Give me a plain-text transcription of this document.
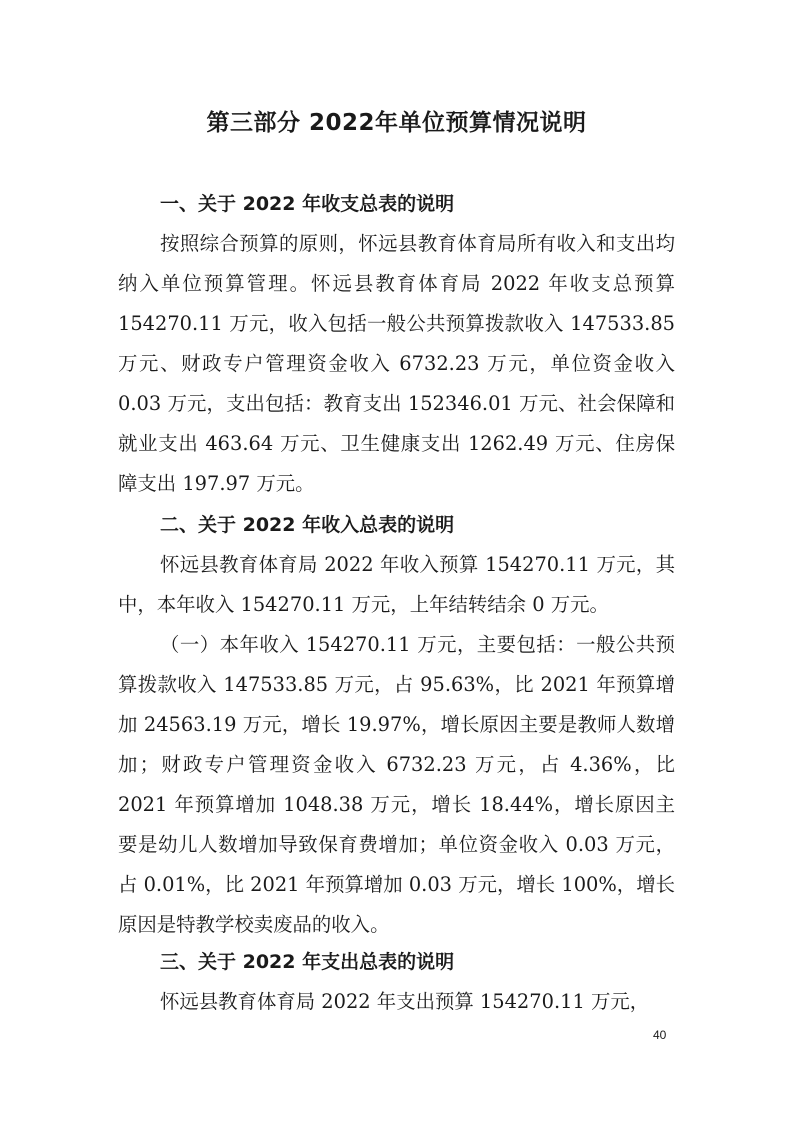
第三部分 2022年单位预算情况说明
一、关于 2022 年收支总表的说明

按照综合预算的原则，怀远县教育体育局所有收入和支出均纳入单位预算管理。怀远县教育体育局 2022 年收支总预算 154270.11 万元，收入包括一般公共预算拨款收入 147533.85 万元、财政专户管理资金收入 6732.23 万元，单位资金收入 0.03 万元，支出包括：教育支出 152346.01 万元、社会保障和就业支出 463.64 万元、卫生健康支出 1262.49 万元、住房保障支出 197.97 万元。

二、关于 2022 年收入总表的说明

怀远县教育体育局 2022 年收入预算 154270.11 万元，其中，本年收入 154270.11 万元，上年结转结余 0 万元。

（一）本年收入 154270.11 万元，主要包括：一般公共预算拨款收入 147533.85 万元，占 95.63%，比 2021 年预算增加 24563.19 万元，增长 19.97%，增长原因主要是教师人数增加；财政专户管理资金收入 6732.23 万元，占 4.36%，比 2021 年预算增加 1048.38 万元，增长 18.44%，增长原因主要是幼儿人数增加导致保育费增加；单位资金收入 0.03 万元，占 0.01%，比 2021 年预算增加 0.03 万元，增长 100%，增长原因是特教学校卖废品的收入。

三、关于 2022 年支出总表的说明

怀远县教育体育局 2022 年支出预算 154270.11 万元，

40
